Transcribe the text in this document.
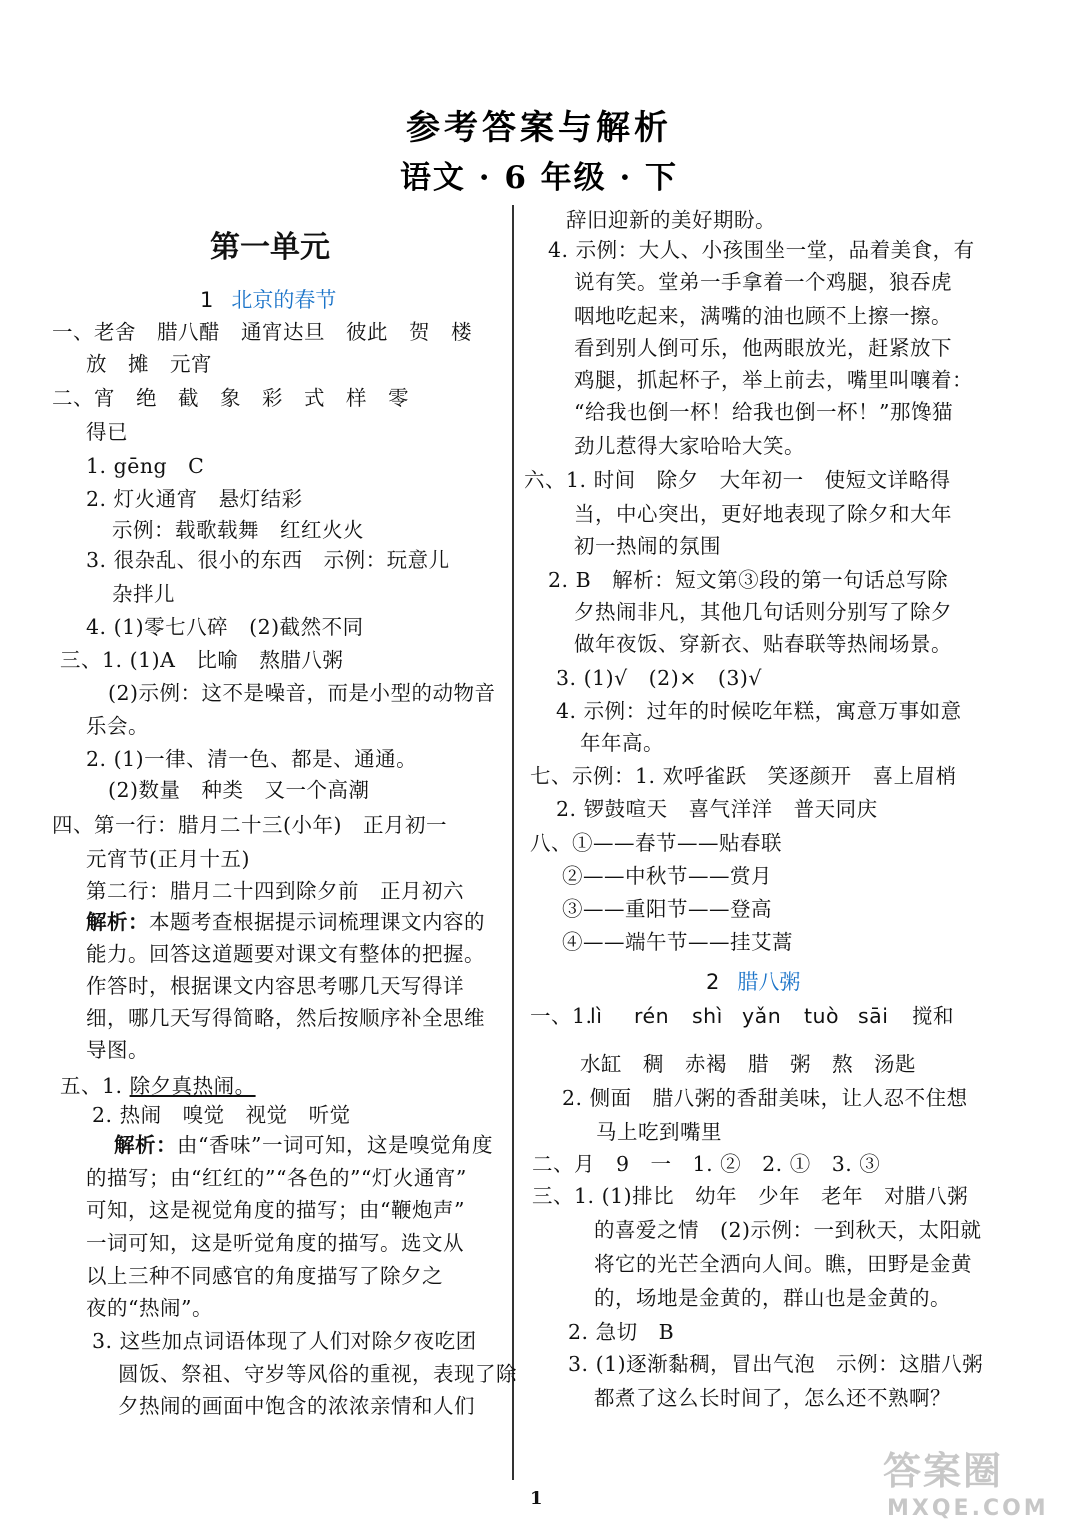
参考答案与解析
语文 · 6 年级 · 下
第一单元
1 北京的春节
一、老舍　腊八醋　通宵达旦　彼此　贺　楼
放　摊　元宵
二、宵　绝　截　象　彩　式　样　零
得已
1. gēng　C
2. 灯火通宵　悬灯结彩
示例：载歌载舞　红红火火
3. 很杂乱、很小的东西　示例：玩意儿
杂拌儿
4. (1)零七八碎　(2)截然不同
三、1. (1)A　比喻　熬腊八粥
(2)示例：这不是噪音，而是小型的动物音
乐会。
2. (1)一律、清一色、都是、通通。
(2)数量　种类　又一个高潮
四、第一行：腊月二十三(小年)　正月初一
元宵节(正月十五)
第二行：腊月二十四到除夕前　正月初六
解析：本题考查根据提示词梳理课文内容的
能力。回答这道题要对课文有整体的把握。
作答时，根据课文内容思考哪几天写得详
细，哪几天写得简略，然后按顺序补全思维
导图。
五、1. 除夕真热闹。
2. 热闹　嗅觉　视觉　听觉
解析：由“香味”一词可知，这是嗅觉角度
的描写；由“红红的”“各色的”“灯火通宵”
可知，这是视觉角度的描写；由“鞭炮声”
一词可知，这是听觉角度的描写。选文从
以上三种不同感官的角度描写了除夕之
夜的“热闹”。
3. 这些加点词语体现了人们对除夕夜吃团
圆饭、祭祖、守岁等风俗的重视，表现了除
夕热闹的画面中饱含的浓浓亲情和人们
辞旧迎新的美好期盼。
4. 示例：大人、小孩围坐一堂，品着美食，有
说有笑。堂弟一手拿着一个鸡腿，狼吞虎
咽地吃起来，满嘴的油也顾不上擦一擦。
看到别人倒可乐，他两眼放光，赶紧放下
鸡腿，抓起杯子，举上前去，嘴里叫嚷着：
“给我也倒一杯！给我也倒一杯！”那馋猫
劲儿惹得大家哈哈大笑。
六、1. 时间　除夕　大年初一　使短文详略得
当，中心突出，更好地表现了除夕和大年
初一热闹的氛围
2. B　解析：短文第③段的第一句话总写除
夕热闹非凡，其他几句话则分别写了除夕
做年夜饭、穿新衣、贴春联等热闹场景。
3. (1)√　(2)×　(3)√
4. 示例：过年的时候吃年糕，寓意万事如意
年年高。
七、示例：1. 欢呼雀跃　笑逐颜开　喜上眉梢
2. 锣鼓喧天　喜气洋洋　普天同庆
八、①——春节——贴春联
②——中秋节——赏月
③——重阳节——登高
④——端午节——挂艾蒿
2 腊八粥
一、1.
lì rén shì yǎn tuò sāi 搅和
水缸　稠　赤褐　腊　粥　熬　汤匙
2. 侧面　腊八粥的香甜美味，让人忍不住想
马上吃到嘴里
二、月　9　一　1. ②　2. ①　3. ③
三、1. (1)排比　幼年　少年　老年　对腊八粥
的喜爱之情　(2)示例：一到秋天，太阳就
将它的光芒全洒向人间。瞧，田野是金黄
的，场地是金黄的，群山也是金黄的。
2. 急切　B
3. (1)逐渐黏稠，冒出气泡　示例：这腊八粥
都煮了这么长时间了，怎么还不熟啊？
1
答案圈
MXQE.COM
